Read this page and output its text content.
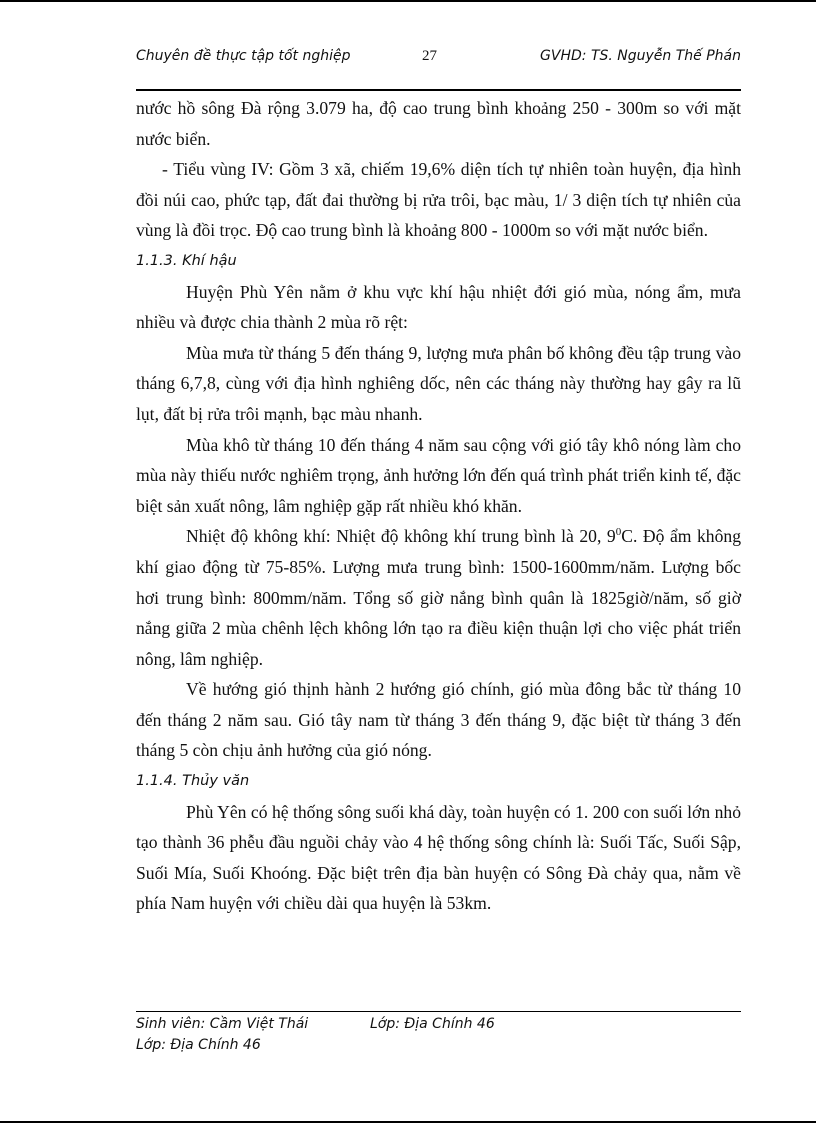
Chuyên đề thực tập tốt nghiệp	27	GVHD: TS. Nguyễn Thế Phán

nước hồ sông Đà rộng 3.079 ha, độ cao trung bình khoảng 250 - 300m so với mặt nước biển.

- Tiểu vùng IV: Gồm 3 xã, chiếm 19,6% diện tích tự nhiên toàn huyện, địa hình đồi núi cao, phức tạp, đất đai thường bị rửa trôi, bạc màu, 1/ 3 diện tích tự nhiên của vùng là đồi trọc. Độ cao trung bình là khoảng 800 - 1000m so với mặt nước biển.

1.1.3. Khí hậu

Huyện Phù Yên nằm ở khu vực khí hậu nhiệt đới gió mùa, nóng ẩm, mưa nhiều và được chia thành 2 mùa rõ rệt:

Mùa mưa từ tháng 5 đến tháng 9, lượng mưa phân bố không đều tập trung vào tháng 6,7,8, cùng với địa hình nghiêng dốc, nên các tháng này thường hay gây ra lũ lụt, đất bị rửa trôi mạnh, bạc màu nhanh.

Mùa khô từ tháng 10 đến tháng 4 năm sau cộng với gió tây khô nóng làm cho mùa này thiếu nước nghiêm trọng, ảnh hưởng lớn đến quá trình phát triển kinh tế, đặc biệt sản xuất nông, lâm nghiệp gặp rất nhiều khó khăn.

Nhiệt độ không khí: Nhiệt độ không khí trung bình là 20, $9^0C$. Độ ẩm không khí giao động từ 75-85%. Lượng mưa trung bình: 1500-1600mm/năm. Lượng bốc hơi trung bình: 800mm/năm. Tổng số giờ nắng bình quân là 1825giờ/năm, số giờ nắng giữa 2 mùa chênh lệch không lớn tạo ra điều kiện thuận lợi cho việc phát triển nông, lâm nghiệp.

Về hướng gió thịnh hành 2 hướng gió chính, gió mùa đông bắc từ tháng 10 đến tháng 2 năm sau. Gió tây nam từ tháng 3 đến tháng 9, đặc biệt từ tháng 3 đến tháng 5 còn chịu ảnh hưởng của gió nóng.

1.1.4. Thủy văn

Phù Yên có hệ thống sông suối khá dày, toàn huyện có 1. 200 con suối lớn nhỏ tạo thành 36 phễu đầu nguồi chảy vào 4 hệ thống sông chính là: Suối Tấc, Suối Sập, Suối Mía, Suối Khoóng. Đặc biệt trên địa bàn huyện có Sông Đà chảy qua, nằm về phía Nam huyện với chiều dài qua huyện là 53km.

Sinh viên: Cầm Việt Thái	Lớp: Địa Chính 46
Lớp: Địa Chính 46
